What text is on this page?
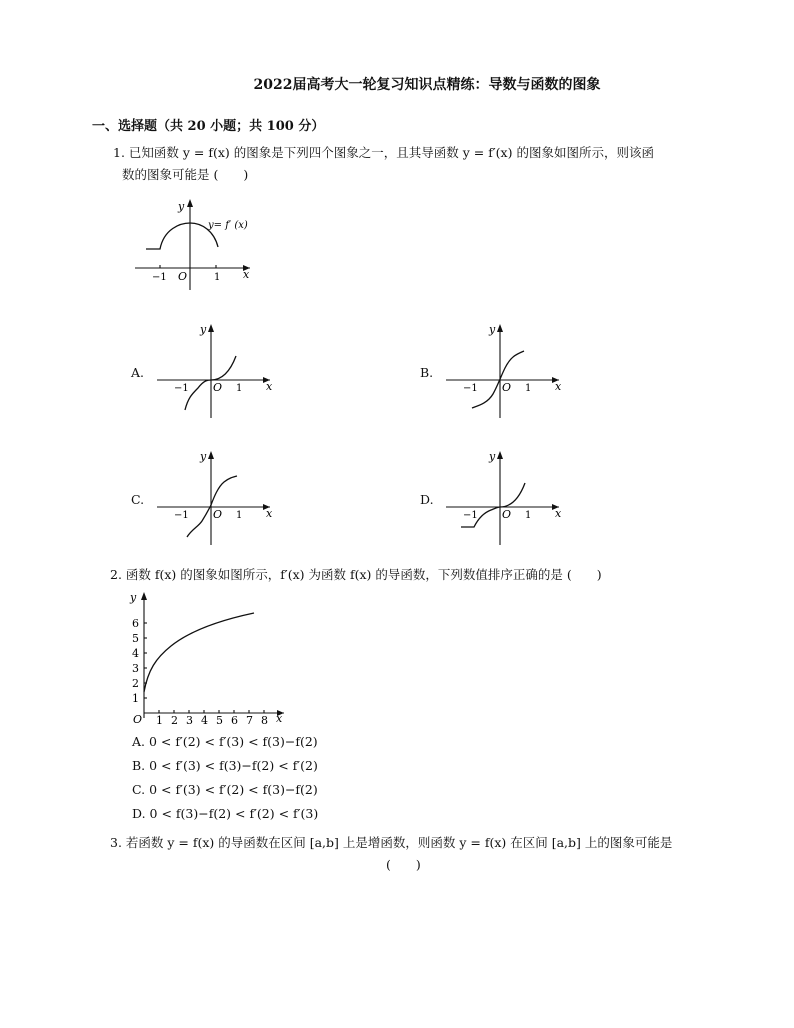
2022届高考大一轮复习知识点精练：导数与函数的图象
一、选择题（共 20 小题；共 100 分）
1. 已知函数 y = f(x) 的图象是下列四个图象之一，且其导函数 y = f′(x) 的图象如图所示，则该函
数的图象可能是 (　　)
y
x
O
−1	1
y= f′ (x)
A.
y
x
O
−1	1
B.
y
x
O
−1	1
C.
y
x
O
−1	1
D.
y
x
O
−1	1
2. 函数 f(x) 的图象如图所示，f′(x) 为函数 f(x) 的导函数，下列数值排序正确的是 (　　)
1
2
3
4
5
6
1 2 3 4 5 6 7 8
y
x
O
A. 0 < f′(2) < f′(3) < f(3)−f(2)
B. 0 < f′(3) < f(3)−f(2) < f′(2)
C. 0 < f′(3) < f′(2) < f(3)−f(2)
D. 0 < f(3)−f(2) < f′(2) < f′(3)
3. 若函数 y = f(x) 的导函数在区间 [a,b] 上是增函数，则函数 y = f(x) 在区间 [a,b] 上的图象可能是
(　　)
